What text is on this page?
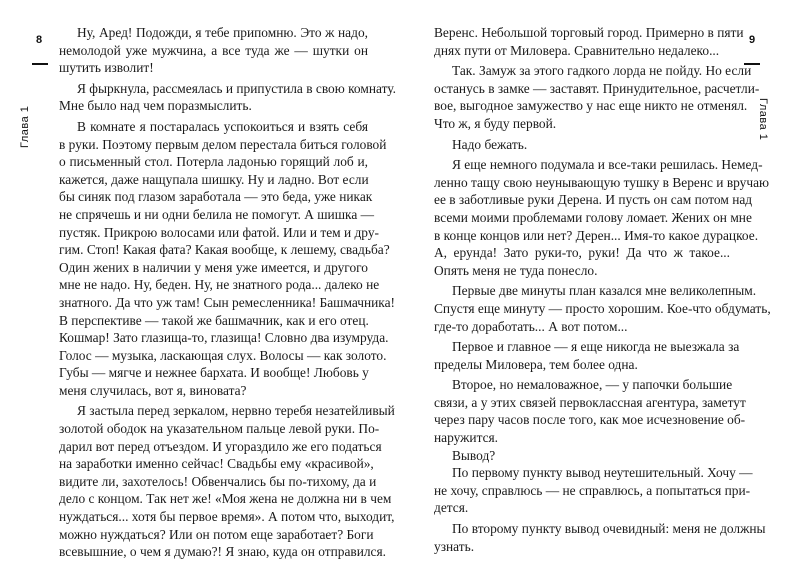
8
Глава 1
Ну, Аред! Подожди, я тебе припомню. Это ж надо,
немолодой уже мужчина, а все туда же — шутки он
шутить изволит!
Я фыркнула, рассмеялась и припустила в свою комнату.
Мне было над чем поразмыслить.
В комнате я постаралась успокоиться и взять себя
в руки. Поэтому первым делом перестала биться головой
о письменный стол. Потерла ладонью горящий лоб и,
кажется, даже нащупала шишку. Ну и ладно. Вот если
бы синяк под глазом заработала — это беда, уже никак
не спрячешь и ни одни белила не помогут. А шишка —
пустяк. Прикрою волосами или фатой. Или и тем и дру-
гим. Стоп! Какая фата? Какая вообще, к лешему, свадьба?
Один жених в наличии у меня уже имеется, и другого
мне не надо. Ну, беден. Ну, не знатного рода... далеко не
знатного. Да что уж там! Сын ремесленника! Башмачника!
В перспективе — такой же башмачник, как и его отец.
Кошмар! Зато глазища-то, глазища! Словно два изумруда.
Голос — музыка, ласкающая слух. Волосы — как золото.
Губы — мягче и нежнее бархата. И вообще! Любовь у
меня случилась, вот я, виновата?
Я застыла перед зеркалом, нервно теребя незатейливый
золотой ободок на указательном пальце левой руки. По-
дарил вот перед отъездом. И угораздило же его податься
на заработки именно сейчас! Свадьбы ему «красивой»,
видите ли, захотелось! Обвенчались бы по-тихому, да и
дело с концом. Так нет же! «Моя жена не должна ни в чем
нуждаться... хотя бы первое время». А потом что, выходит,
можно нуждаться? Или он потом еще заработает? Боги
всевышние, о чем я думаю?! Я знаю, куда он отправился.
9
Глава 1
Веренс. Небольшой торговый город. Примерно в пяти
днях пути от Миловера. Сравнительно недалеко...
Так. Замуж за этого гадкого лорда не пойду. Но если
останусь в замке — заставят. Принудительное, расчетли-
вое, выгодное замужество у нас еще никто не отменял.
Что ж, я буду первой.
Надо бежать.
Я еще немного подумала и все-таки решилась. Немед-
ленно тащу свою неунывающую тушку в Веренс и вручаю
ее в заботливые руки Дерена. И пусть он сам потом над
всеми моими проблемами голову ломает. Жених он мне
в конце концов или нет? Дерен... Имя-то какое дурацкое.
А, ерунда! Зато руки-то, руки! Да что ж такое...
Опять меня не туда понесло.
Первые две минуты план казался мне великолепным.
Спустя еще минуту — просто хорошим. Кое-что обдумать,
где-то доработать... А вот потом...
Первое и главное — я еще никогда не выезжала за
пределы Миловера, тем более одна.
Второе, но немаловажное, — у папочки большие
связи, а у этих связей первоклассная агентура, заметут
через пару часов после того, как мое исчезновение об-
наружится.
Вывод?
По первому пункту вывод неутешительный. Хочу —
не хочу, справлюсь — не справлюсь, а попытаться при-
дется.
По второму пункту вывод очевидный: меня не должны
узнать.
